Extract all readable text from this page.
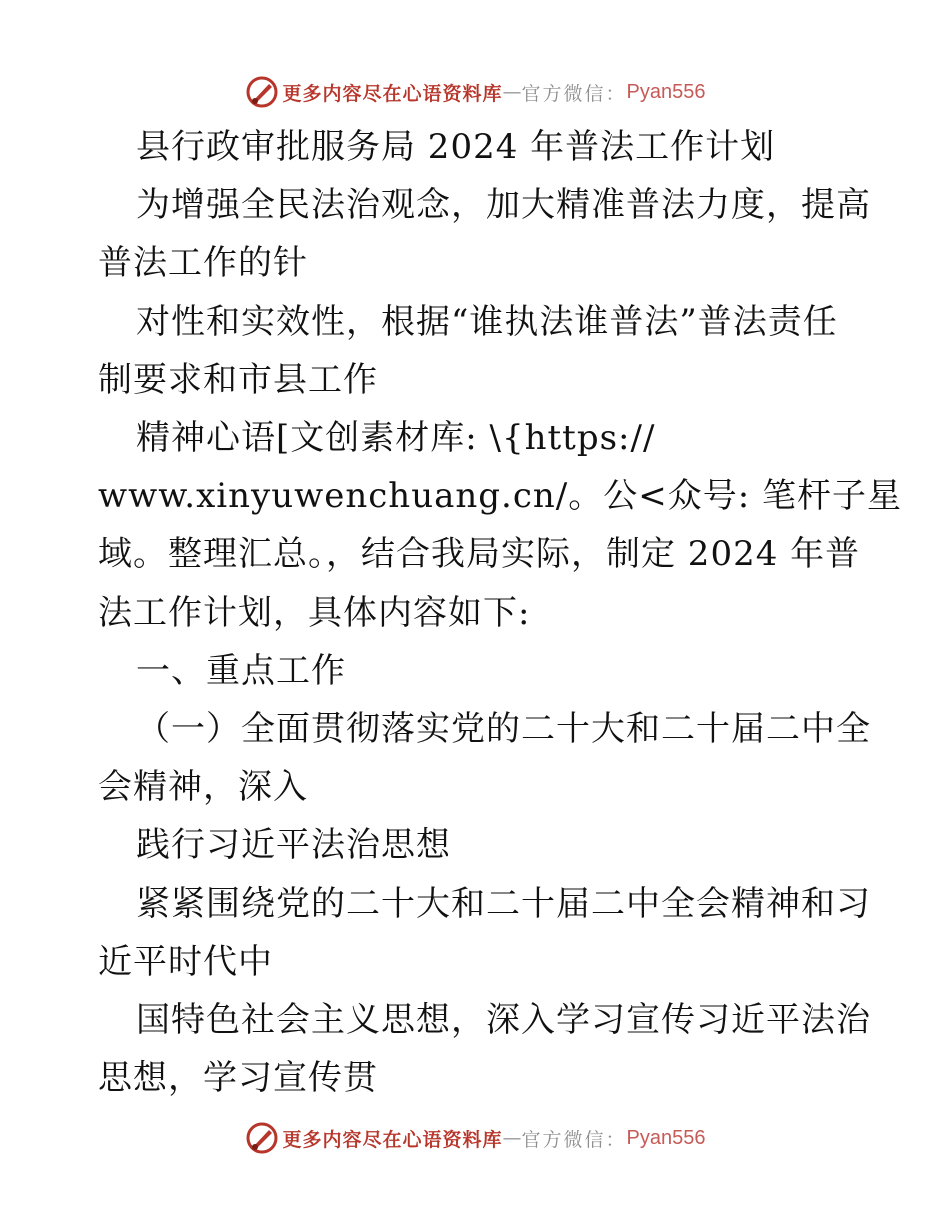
更多内容尽在心语资料库 — 官方微信： Pyan556

县行政审批服务局 2024 年普法工作计划

为增强全民法治观念，加大精准普法力度，提高

普法工作的针

对性和实效性，根据“谁执法谁普法”普法责任

制要求和市县工作

精神心语[文创素材库: \{https://

www.xinyuwenchuang.cn/。公<众号: 笔杆子星

域。整理汇总。，结合我局实际，制定 2024 年普

法工作计划，具体内容如下:

一、重点工作

（一）全面贯彻落实党的二十大和二十届二中全

会精神，深入

践行习近平法治思想

紧紧围绕党的二十大和二十届二中全会精神和习

近平时代中

国特色社会主义思想，深入学习宣传习近平法治

思想，学习宣传贯

更多内容尽在心语资料库 — 官方微信： Pyan556
